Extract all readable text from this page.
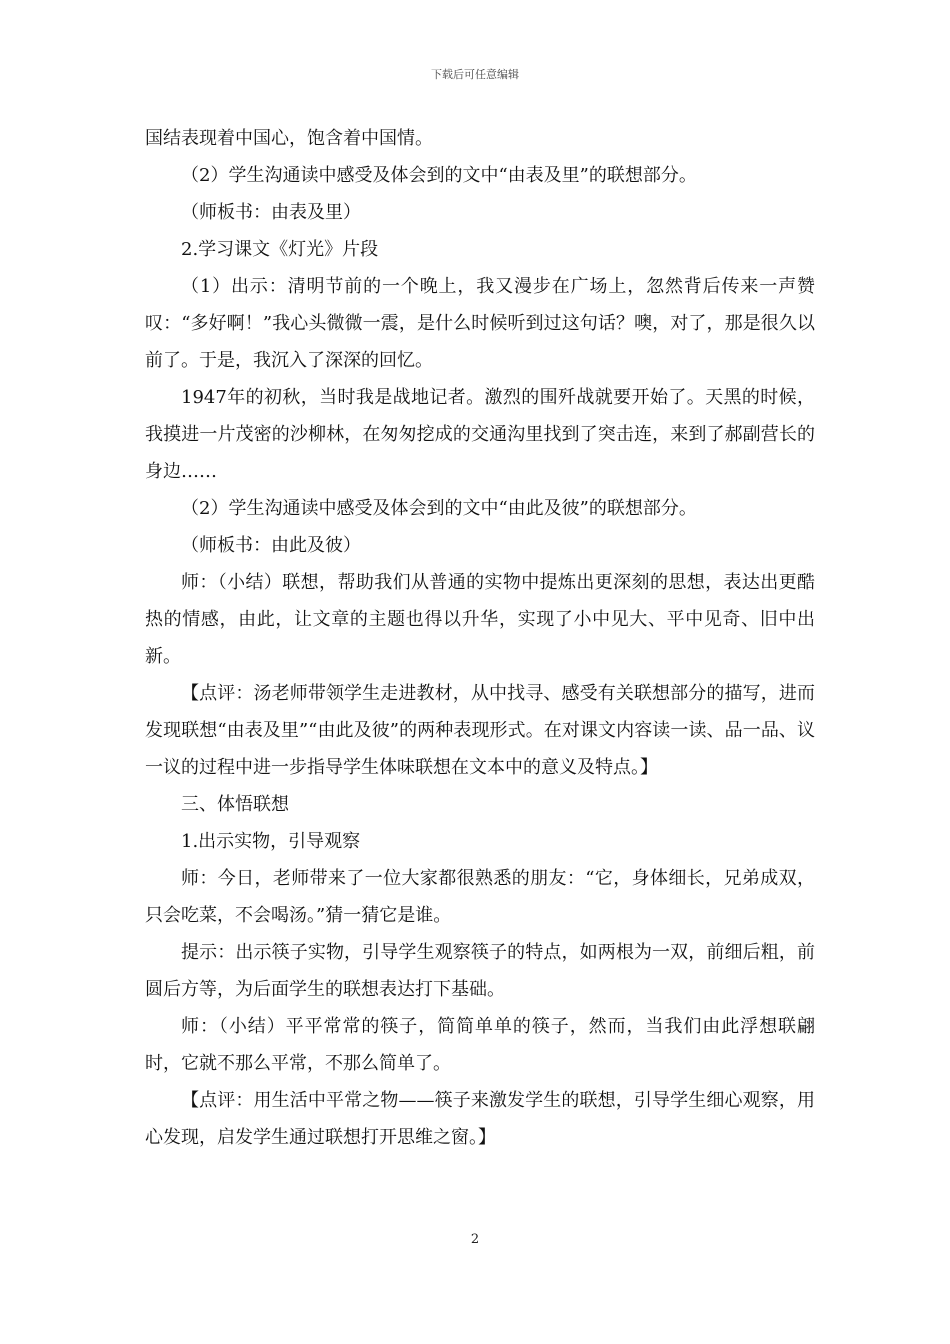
下载后可任意编辑

国结表现着中国心，饱含着中国情。

（2）学生沟通读中感受及体会到的文中“由表及里”的联想部分。

（师板书：由表及里）

2.学习课文《灯光》片段

（1）出示：清明节前的一个晚上，我又漫步在广场上，忽然背后传来一声赞叹：“多好啊！”我心头微微一震，是什么时候听到过这句话？噢，对了，那是很久以前了。于是，我沉入了深深的回忆。

1947年的初秋，当时我是战地记者。激烈的围歼战就要开始了。天黑的时候，我摸进一片茂密的沙柳林，在匆匆挖成的交通沟里找到了突击连，来到了郝副营长的身边……

（2）学生沟通读中感受及体会到的文中“由此及彼”的联想部分。

（师板书：由此及彼）

师：（小结）联想，帮助我们从普通的实物中提炼出更深刻的思想，表达出更酷热的情感，由此，让文章的主题也得以升华，实现了小中见大、平中见奇、旧中出新。

【点评：汤老师带领学生走进教材，从中找寻、感受有关联想部分的描写，进而发现联想“由表及里”“由此及彼”的两种表现形式。在对课文内容读一读、品一品、议一议的过程中进一步指导学生体味联想在文本中的意义及特点。】

三、体悟联想

1.出示实物，引导观察

师：今日，老师带来了一位大家都很熟悉的朋友：“它，身体细长，兄弟成双，只会吃菜，不会喝汤。”猜一猜它是谁。

提示：出示筷子实物，引导学生观察筷子的特点，如两根为一双，前细后粗，前圆后方等，为后面学生的联想表达打下基础。

师：（小结）平平常常的筷子，简简单单的筷子，然而，当我们由此浮想联翩时，它就不那么平常，不那么简单了。

【点评：用生活中平常之物——筷子来激发学生的联想，引导学生细心观察，用心发现，启发学生通过联想打开思维之窗。】

2
